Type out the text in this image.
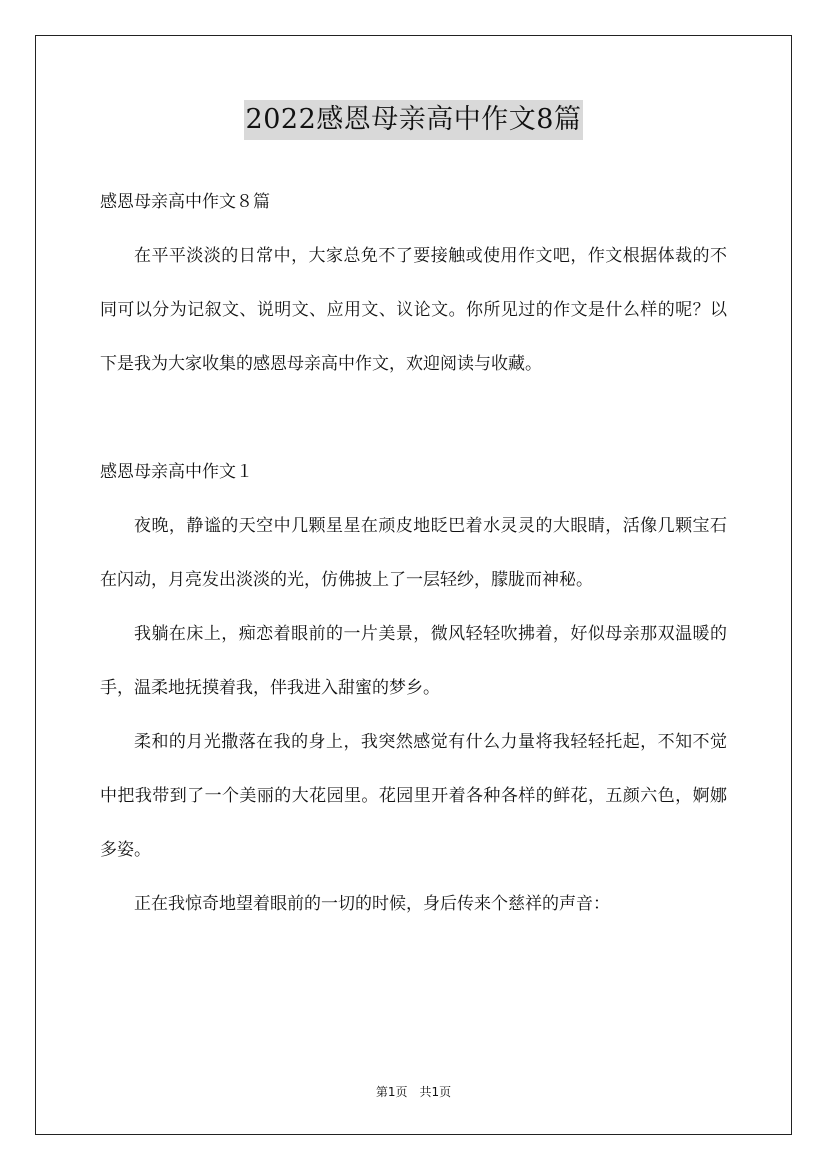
2022感恩母亲高中作文8篇

感恩母亲高中作文８篇

在平平淡淡的日常中，大家总免不了要接触或使用作文吧，作文根据体裁的不同可以分为记叙文、说明文、应用文、议论文。你所见过的作文是什么样的呢？以下是我为大家收集的感恩母亲高中作文，欢迎阅读与收藏。

感恩母亲高中作文１

夜晚，静谧的天空中几颗星星在顽皮地眨巴着水灵灵的大眼睛，活像几颗宝石在闪动，月亮发出淡淡的光，仿佛披上了一层轻纱，朦胧而神秘。

我躺在床上，痴恋着眼前的一片美景，微风轻轻吹拂着，好似母亲那双温暖的手，温柔地抚摸着我，伴我进入甜蜜的梦乡。

柔和的月光撒落在我的身上，我突然感觉有什么力量将我轻轻托起，不知不觉中把我带到了一个美丽的大花园里。花园里开着各种各样的鲜花，五颜六色，婀娜多姿。

正在我惊奇地望着眼前的一切的时候，身后传来个慈祥的声音：

第1页　共1页
